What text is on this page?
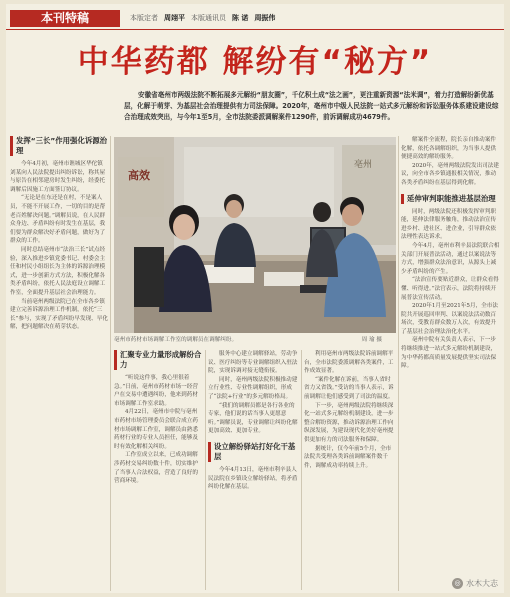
本刊特稿	本版定者 周翊平 本版通讯员 陈 诺 周振伟
中华药都 解纷有“秘方”
安徽省亳州市两级法院不断拓展多元解纷“朋友圈”，千亿积土成“法之画”，更注重新资源“法米调”，着力打造解纷新优基层，化解于萌芽、为基层社会治理提供有力司法保障。2020年，亳州市中级人民法院一站式多元解纷和诉讼服务体系建设建设综合治理成效突出，与今年1至5月，全市法院委派调解案件1290件，前诉调解成功4679件。
发挥“三长”作用强化诉源治理

今年4月初，亳州市谯城区华佗镇刘某向人民法院提出纠纷诉讼，称其屋与原告在相邻建房时发生纠纷，经委托调解后因施工方面签订协议。

“无论是在东还是在村，不是案人员，不能不开展工作，一切的目的是帮老百姓解决问题。”调解员说，在人民群众身边、矛盾纠纷有时发生在基层，我们要为群众解决好矛盾问题，做好为了群众的工作。

同时总结亳州市“法治三长”试点经验，深入推进乡镇党委书记、村委会主任和村民小组组长为主体的诉源治理模式，进一步创新方式方法，积极化解各类矛盾纠纷，依托人民法庭设立调解工作室，全面提升基层社会治理能力。

当前亳州两级法院已在全市各乡镇建立完善诉源治理工作机制，依托“三长”参与，实现了矛盾纠纷早发现、早化解，把问题解决在萌芽状态。

高效
亳州
亳州市药材市场调解工作室的调解员在调解纠纷。	周 瑜 摄
汇聚专业力量形成解纷合力

“听说这件事，我心里很着急。”日前，亳州市药材市场一经营户在交易中遭遇纠纷，他来到药材市场调解工作室求助。

4月22日，亳州市中院与亳州市药材市场管理委员会联合成立药材市场调解工作室，调解员由熟悉药材行业的专业人员担任，能够及时有效化解相关纠纷。

工作室成立以来，已成功调解涉药材交易纠纷数十件，切实维护了当事人合法权益，营造了良好的营商环境。

服务中心建立调解驿站，劳动争议、医疗纠纷等专业调解组织入驻法院，实现诉调对接无缝衔接。

同时，亳州两级法院积极推动建立行业性、专业性调解组织，形成了“法院+行业”的多元解纷格局。

“我们的调解员都是各行各业的专家，他们说的话当事人更愿意听。”调解员说，专业调解让纠纷化解更加高效、更加专业。

设立解纷驿站打好化干基层

今年4月13日，亳州市利辛县人民法院在乡镇设立解纷驿站，将矛盾纠纷化解在基层。

利用亳州市两级法院诉前调解平台，全市法院委派调解各类案件，工作成效显著。

“案件化解在诉前，当事人省时省力又省钱。”受访的当事人表示，诉前调解让他们感受到了司法的温度。

下一步，亳州两级法院将继续深化一站式多元解纷机制建设，进一步整合解纷资源，推动诉源治理工作向纵深发展，为建设现代化美好亳州提供更加有力的司法服务和保障。

据统计，仅今年前5个月，全市法院共受理各类诉前调解案件数千件，调解成功率持续上升。

解案件全流程，院长亲自推动案件化解，依托各调解组织，为当事人提供便捷高效的解纷服务。

2020年，亳州两级法院发出司法建议，向全市各乡镇通报相关情况，推动各类矛盾纠纷在基层得到化解。

延伸审判职能推进基层治理

同时，两级法院还积极发挥审判职能，延伸法律服务触角，推动法治宣传进乡村、进社区、进企业，引导群众依法理性表达诉求。

今年4月，亳州市利辛县法院联合相关部门开展普法活动，通过以案说法等方式，增强群众法治意识，从源头上减少矛盾纠纷的产生。

“法治宣传要贴近群众，让群众看得懂、听得进。”法官表示，法院将持续开展普法宣传活动。

2020年1月至2021年5月，全市法院共开展巡回审判、以案说法活动数百场次，受教育群众数万人次，有效提升了基层社会治理法治化水平。

亳州中院有关负责人表示，下一步将继续推进一站式多元解纷机制建设，为中华药都高质量发展提供坚实司法保障。

◎ 水木大志
